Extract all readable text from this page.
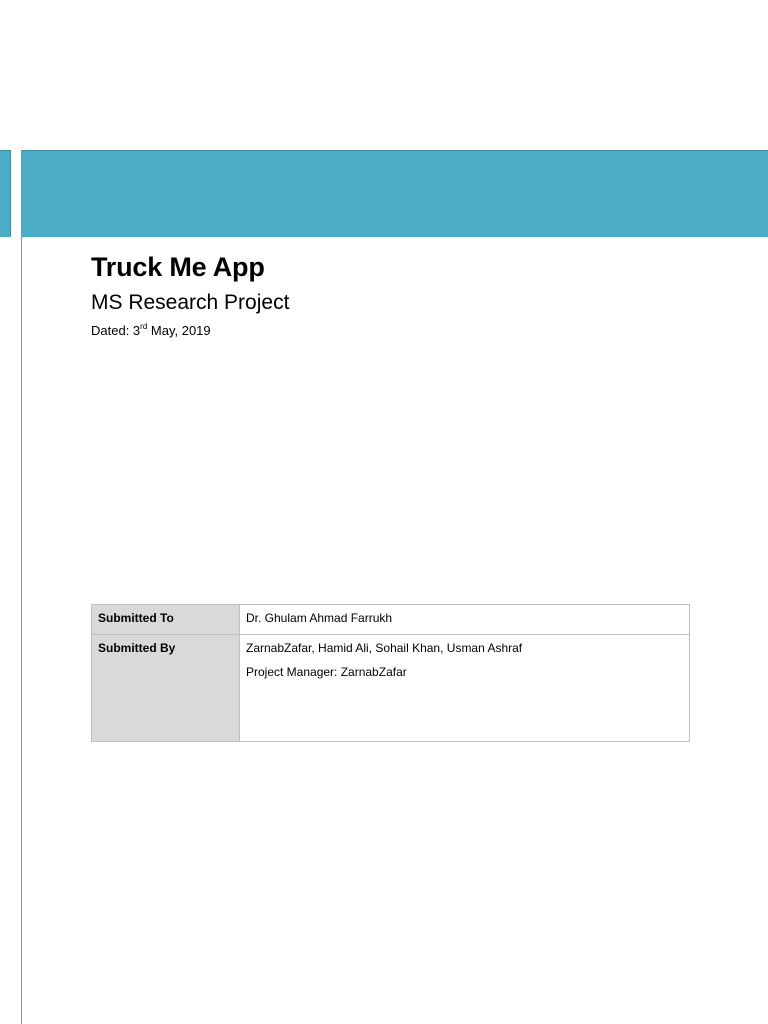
Truck Me App
MS Research Project
Dated: 3rd May, 2019
Submitted To	Dr. Ghulam Ahmad Farrukh
Submitted By	ZarnabZafar, Hamid Ali, Sohail Khan, Usman Ashraf

Project Manager: ZarnabZafar
